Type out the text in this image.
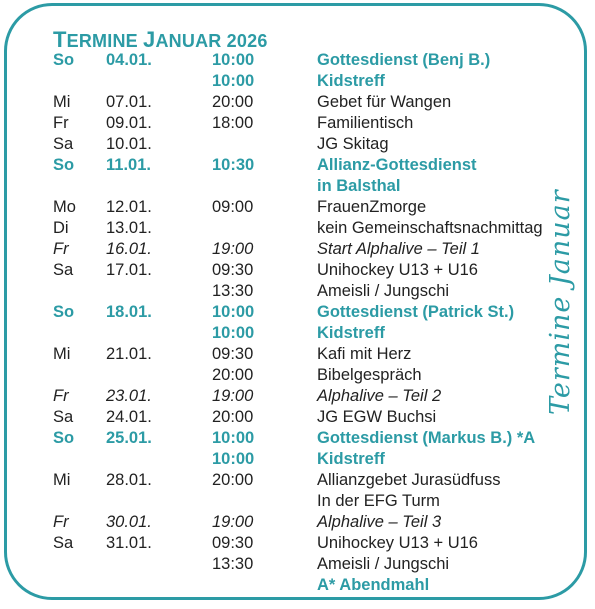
TERMINE JANUAR 2026
So 04.01.	10:00	Gottesdienst (Benj B.)
10:00	Kidstreff
Mi 07.01.	20:00	Gebet für Wangen
Fr 09.01.	18:00	Familientisch
Sa 10.01.	JG Skitag
So 11.01.	10:30	Allianz-Gottesdienst
in Balsthal
Mo 12.01.	09:00	FrauenZmorge
Di 13.01.	kein Gemeinschaftsnachmittag
Fr 16.01.	19:00	Start Alphalive – Teil 1
Sa 17.01.	09:30	Unihockey U13 + U16
13:30	Ameisli / Jungschi
So 18.01.	10:00	Gottesdienst (Patrick St.)
10:00	Kidstreff
Mi 21.01.	09:30	Kafi mit Herz
20:00	Bibelgespräch
Fr 23.01.	19:00	Alphalive – Teil 2
Sa 24.01.	20:00	JG EGW Buchsi
So 25.01.	10:00	Gottesdienst (Markus B.) *A
10:00	Kidstreff
Mi 28.01.	20:00	Allianzgebet Jurasüdfuss
In der EFG Turm
Fr 30.01.	19:00	Alphalive – Teil 3
Sa 31.01.	09:30	Unihockey U13 + U16
13:30	Ameisli / Jungschi
A* Abendmahl
Termine Januar
